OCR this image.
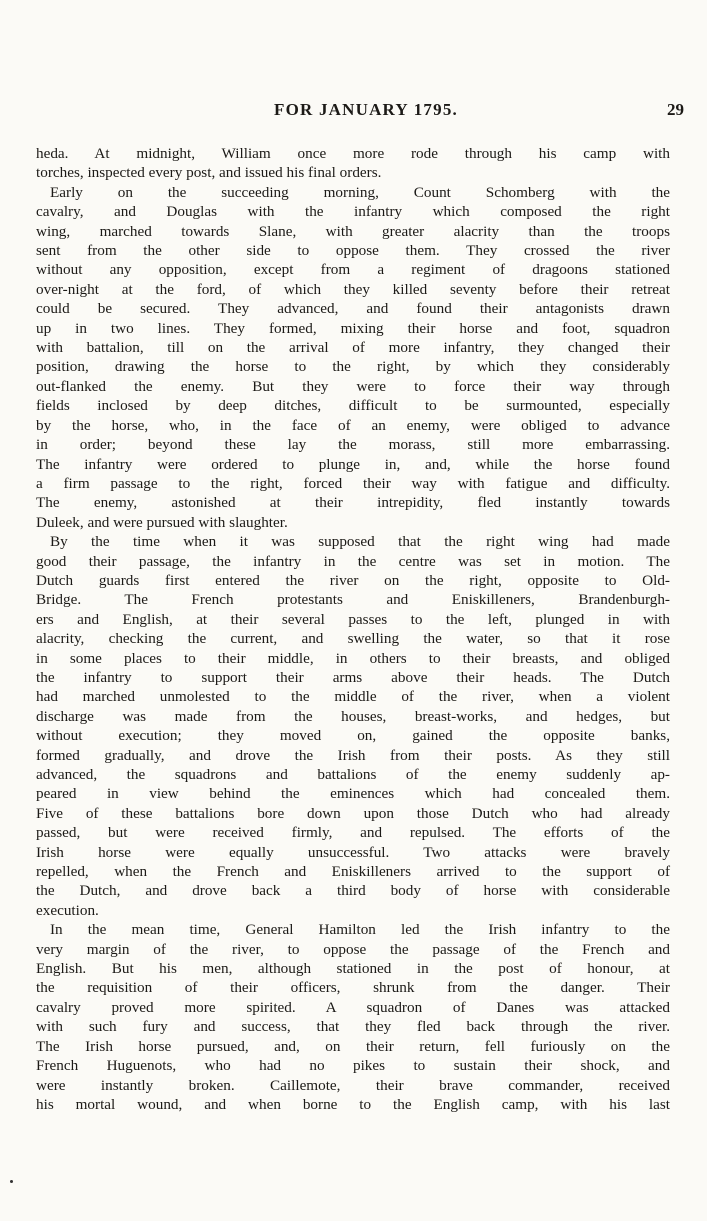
FOR JANUARY 1795.	29
heda. At midnight, William once more rode through his camp with
torches, inspected every post, and issued his final orders.
Early on the succeeding morning, Count Schomberg with the
cavalry, and Douglas with the infantry which composed the right
wing, marched towards Slane, with greater alacrity than the troops
sent from the other side to oppose them. They crossed the river
without any opposition, except from a regiment of dragoons stationed
over-night at the ford, of which they killed seventy before their retreat
could be secured. They advanced, and found their antagonists drawn
up in two lines. They formed, mixing their horse and foot, squadron
with battalion, till on the arrival of more infantry, they changed their
position, drawing the horse to the right, by which they considerably
out-flanked the enemy. But they were to force their way through
fields inclosed by deep ditches, difficult to be surmounted, especially
by the horse, who, in the face of an enemy, were obliged to advance
in order; beyond these lay the morass, still more embarrassing.
The infantry were ordered to plunge in, and, while the horse found
a firm passage to the right, forced their way with fatigue and difficulty.
The enemy, astonished at their intrepidity, fled instantly towards
Duleek, and were pursued with slaughter.
By the time when it was supposed that the right wing had made
good their passage, the infantry in the centre was set in motion. The
Dutch guards first entered the river on the right, opposite to Old-
Bridge. The French protestants and Eniskilleners, Brandenburgh-
ers and English, at their several passes to the left, plunged in with
alacrity, checking the current, and swelling the water, so that it rose
in some places to their middle, in others to their breasts, and obliged
the infantry to support their arms above their heads. The Dutch
had marched unmolested to the middle of the river, when a violent
discharge was made from the houses, breast-works, and hedges, but
without execution; they moved on, gained the opposite banks,
formed gradually, and drove the Irish from their posts. As they still
advanced, the squadrons and battalions of the enemy suddenly ap-
peared in view behind the eminences which had concealed them.
Five of these battalions bore down upon those Dutch who had already
passed, but were received firmly, and repulsed. The efforts of the
Irish horse were equally unsuccessful. Two attacks were bravely
repelled, when the French and Eniskilleners arrived to the support of
the Dutch, and drove back a third body of horse with considerable
execution.
In the mean time, General Hamilton led the Irish infantry to the
very margin of the river, to oppose the passage of the French and
English. But his men, although stationed in the post of honour, at
the requisition of their officers, shrunk from the danger. Their
cavalry proved more spirited. A squadron of Danes was attacked
with such fury and success, that they fled back through the river.
The Irish horse pursued, and, on their return, fell furiously on the
French Huguenots, who had no pikes to sustain their shock, and
were instantly broken. Caillemote, their brave commander, received
his mortal wound, and when borne to the English camp, with his last
